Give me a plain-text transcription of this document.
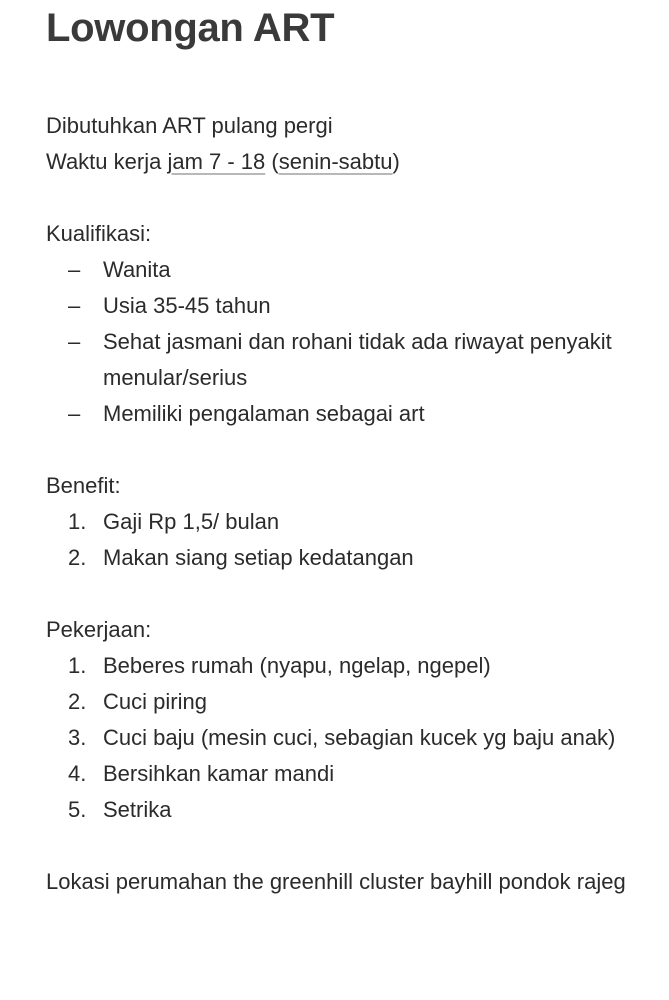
Lowongan ART

Dibutuhkan ART pulang pergi

Waktu kerja jam 7 - 18 (senin-sabtu)

Kualifikasi:

–	Wanita
–	Usia 35-45 tahun
–	Sehat jasmani dan rohani tidak ada riwayat penyakit menular/serius
–	Memiliki pengalaman sebagai art

Benefit:

1. Gaji Rp 1,5/ bulan
2. Makan siang setiap kedatangan

Pekerjaan:

1. Beberes rumah (nyapu, ngelap, ngepel)
2. Cuci piring
3. Cuci baju (mesin cuci, sebagian kucek yg baju anak)
4. Bersihkan kamar mandi
5. Setrika

Lokasi perumahan the greenhill cluster bayhill pondok rajeg
